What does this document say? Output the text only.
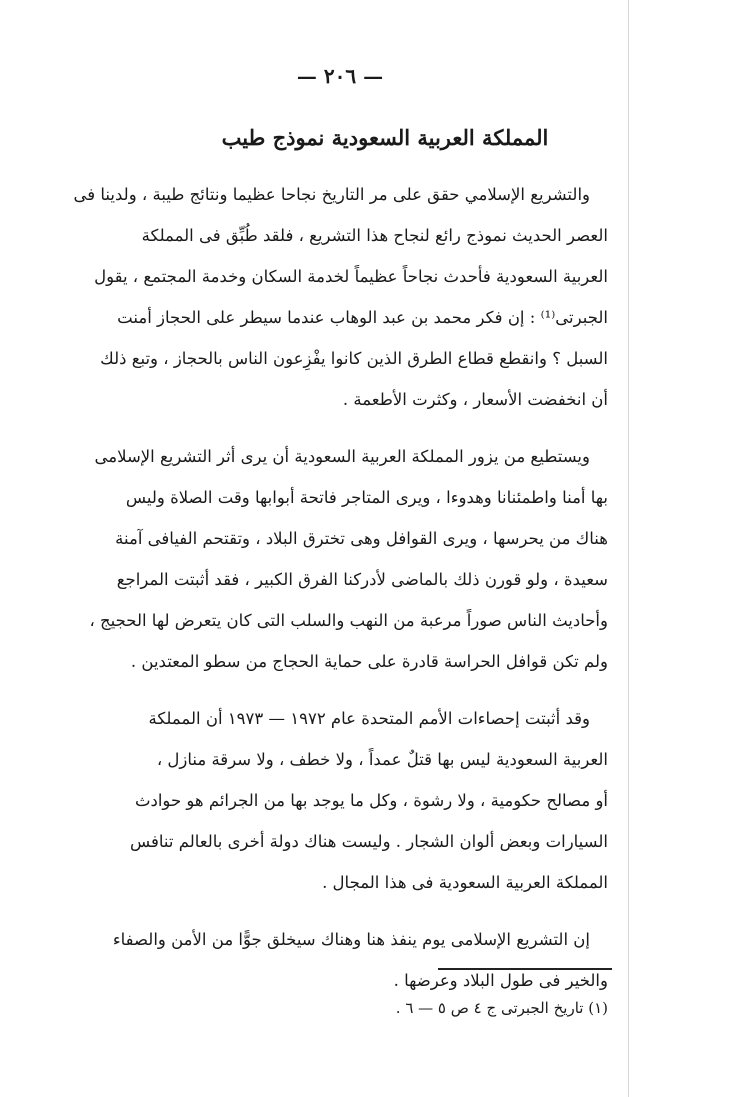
— ٢٠٦ —
المملكة العربية السعودية نموذج طيب

والتشريع الإسلامي حقق على مر التاريخ نجاحا عظيما ونتائج طيبة ، ولدينا فى
العصر الحديث نموذج رائع لنجاح هذا التشريع ، فلقد طُبِّق فى المملكة
العربية السعودية فأحدث نجاحاً عظيماً لخدمة السكان وخدمة المجتمع ، يقول
الجبرتى⁽¹⁾ : إن فكر محمد بن عبد الوهاب عندما سيطر على الحجاز أمنت
السبل ؟ وانقطع قطاع الطرق الذين كانوا يفْزِعون الناس بالحجاز ، وتبع ذلك
أن انخفضت الأسعار ، وكثرت الأطعمة .

ويستطيع من يزور المملكة العربية السعودية أن يرى أثر التشريع الإسلامى
بها أمنا واطمئنانا وهدوءا ، ويرى المتاجر فاتحة أبوابها وقت الصلاة وليس
هناك من يحرسها ، ويرى القوافل وهى تخترق البلاد ، وتقتحم الفيافى آمنة
سعيدة ، ولو قورن ذلك بالماضى لأدركنا الفرق الكبير ، فقد أثبتت المراجع
وأحاديث الناس صوراً مرعبة من النهب والسلب التى كان يتعرض لها الحجيج ،
ولم تكن قوافل الحراسة قادرة على حماية الحجاج من سطو المعتدين .

وقد أثبتت إحصاءات الأمم المتحدة عام ١٩٧٢ — ١٩٧٣ أن المملكة
العربية السعودية ليس بها قتلٌ عمداً ، ولا خطف ، ولا سرقة منازل ،
أو مصالح حكومية ، ولا رشوة ، وكل ما يوجد بها من الجرائم هو حوادث
السيارات وبعض ألوان الشجار . وليست هناك دولة أخرى بالعالم تنافس
المملكة العربية السعودية فى هذا المجال .

إن التشريع الإسلامى يوم ينفذ هنا وهناك سيخلق جوًّا من الأمن والصفاء
والخير فى طول البلاد وعرضها .

(١) تاريخ الجبرتى ج ٤ ص ٥ — ٦ .
